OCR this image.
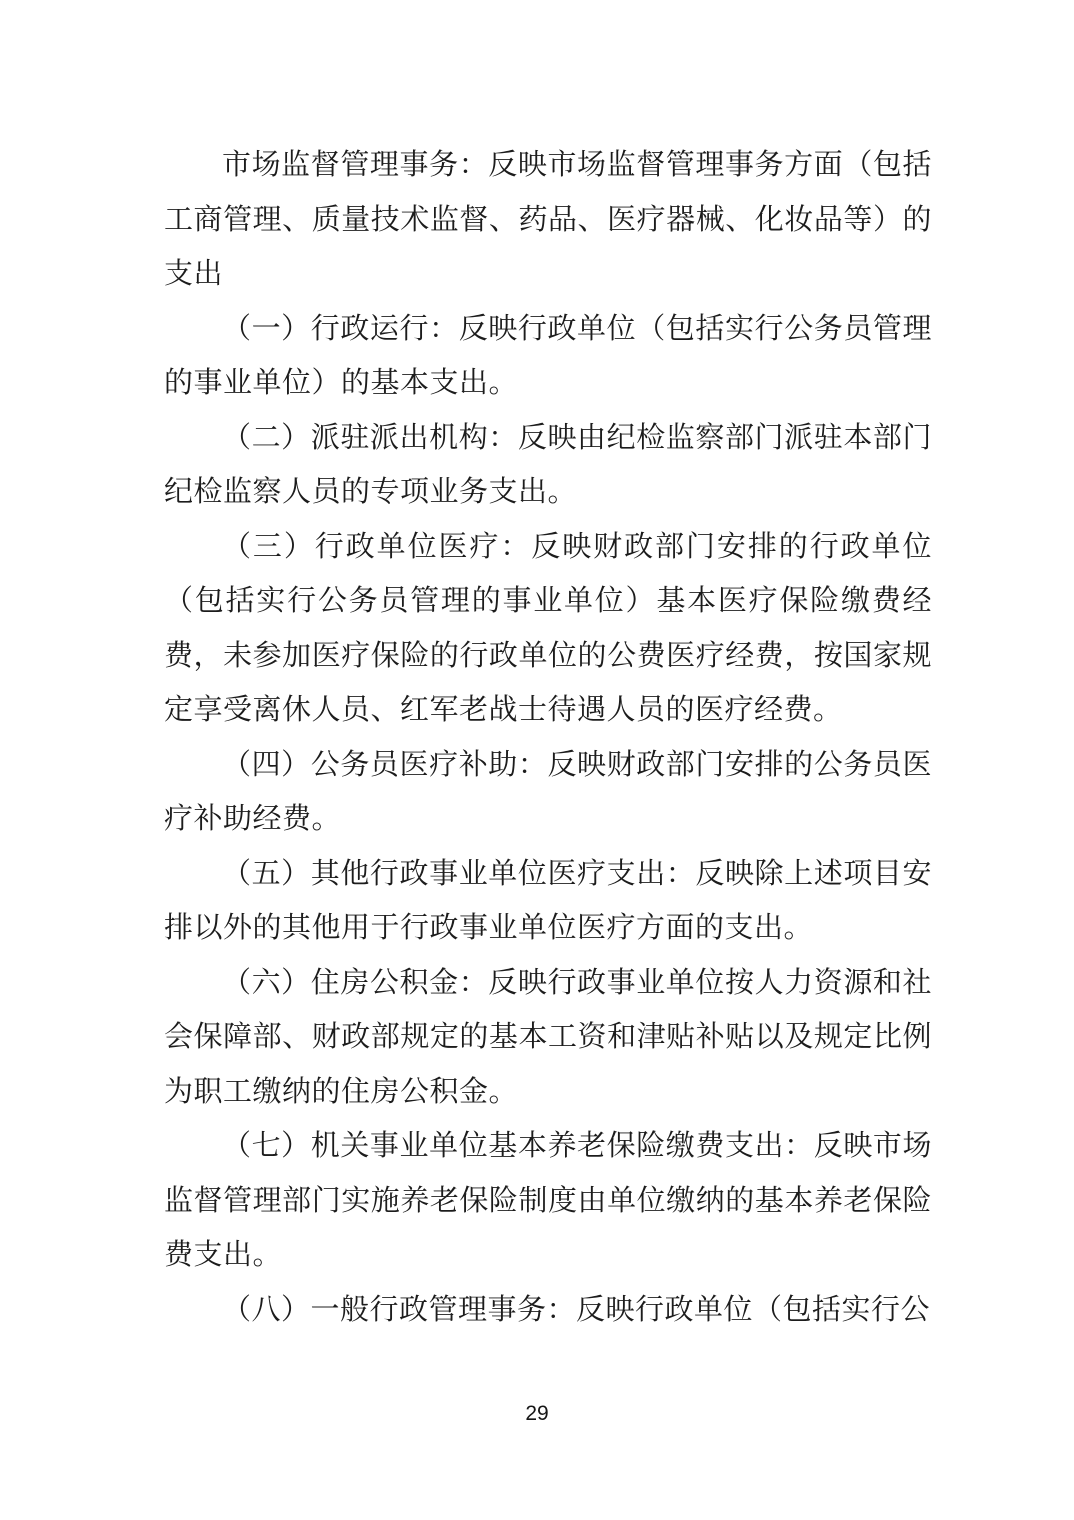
市场监督管理事务：反映市场监督管理事务方面（包括工商管理、质量技术监督、药品、医疗器械、化妆品等）的支出

（一）行政运行：反映行政单位（包括实行公务员管理的事业单位）的基本支出。

（二）派驻派出机构：反映由纪检监察部门派驻本部门纪检监察人员的专项业务支出。

（三）行政单位医疗：反映财政部门安排的行政单位（包括实行公务员管理的事业单位）基本医疗保险缴费经费，未参加医疗保险的行政单位的公费医疗经费，按国家规定享受离休人员、红军老战士待遇人员的医疗经费。

（四）公务员医疗补助：反映财政部门安排的公务员医疗补助经费。

（五）其他行政事业单位医疗支出：反映除上述项目安排以外的其他用于行政事业单位医疗方面的支出。

（六）住房公积金：反映行政事业单位按人力资源和社会保障部、财政部规定的基本工资和津贴补贴以及规定比例为职工缴纳的住房公积金。

（七）机关事业单位基本养老保险缴费支出：反映市场监督管理部门实施养老保险制度由单位缴纳的基本养老保险费支出。

（八）一般行政管理事务：反映行政单位（包括实行公

29
